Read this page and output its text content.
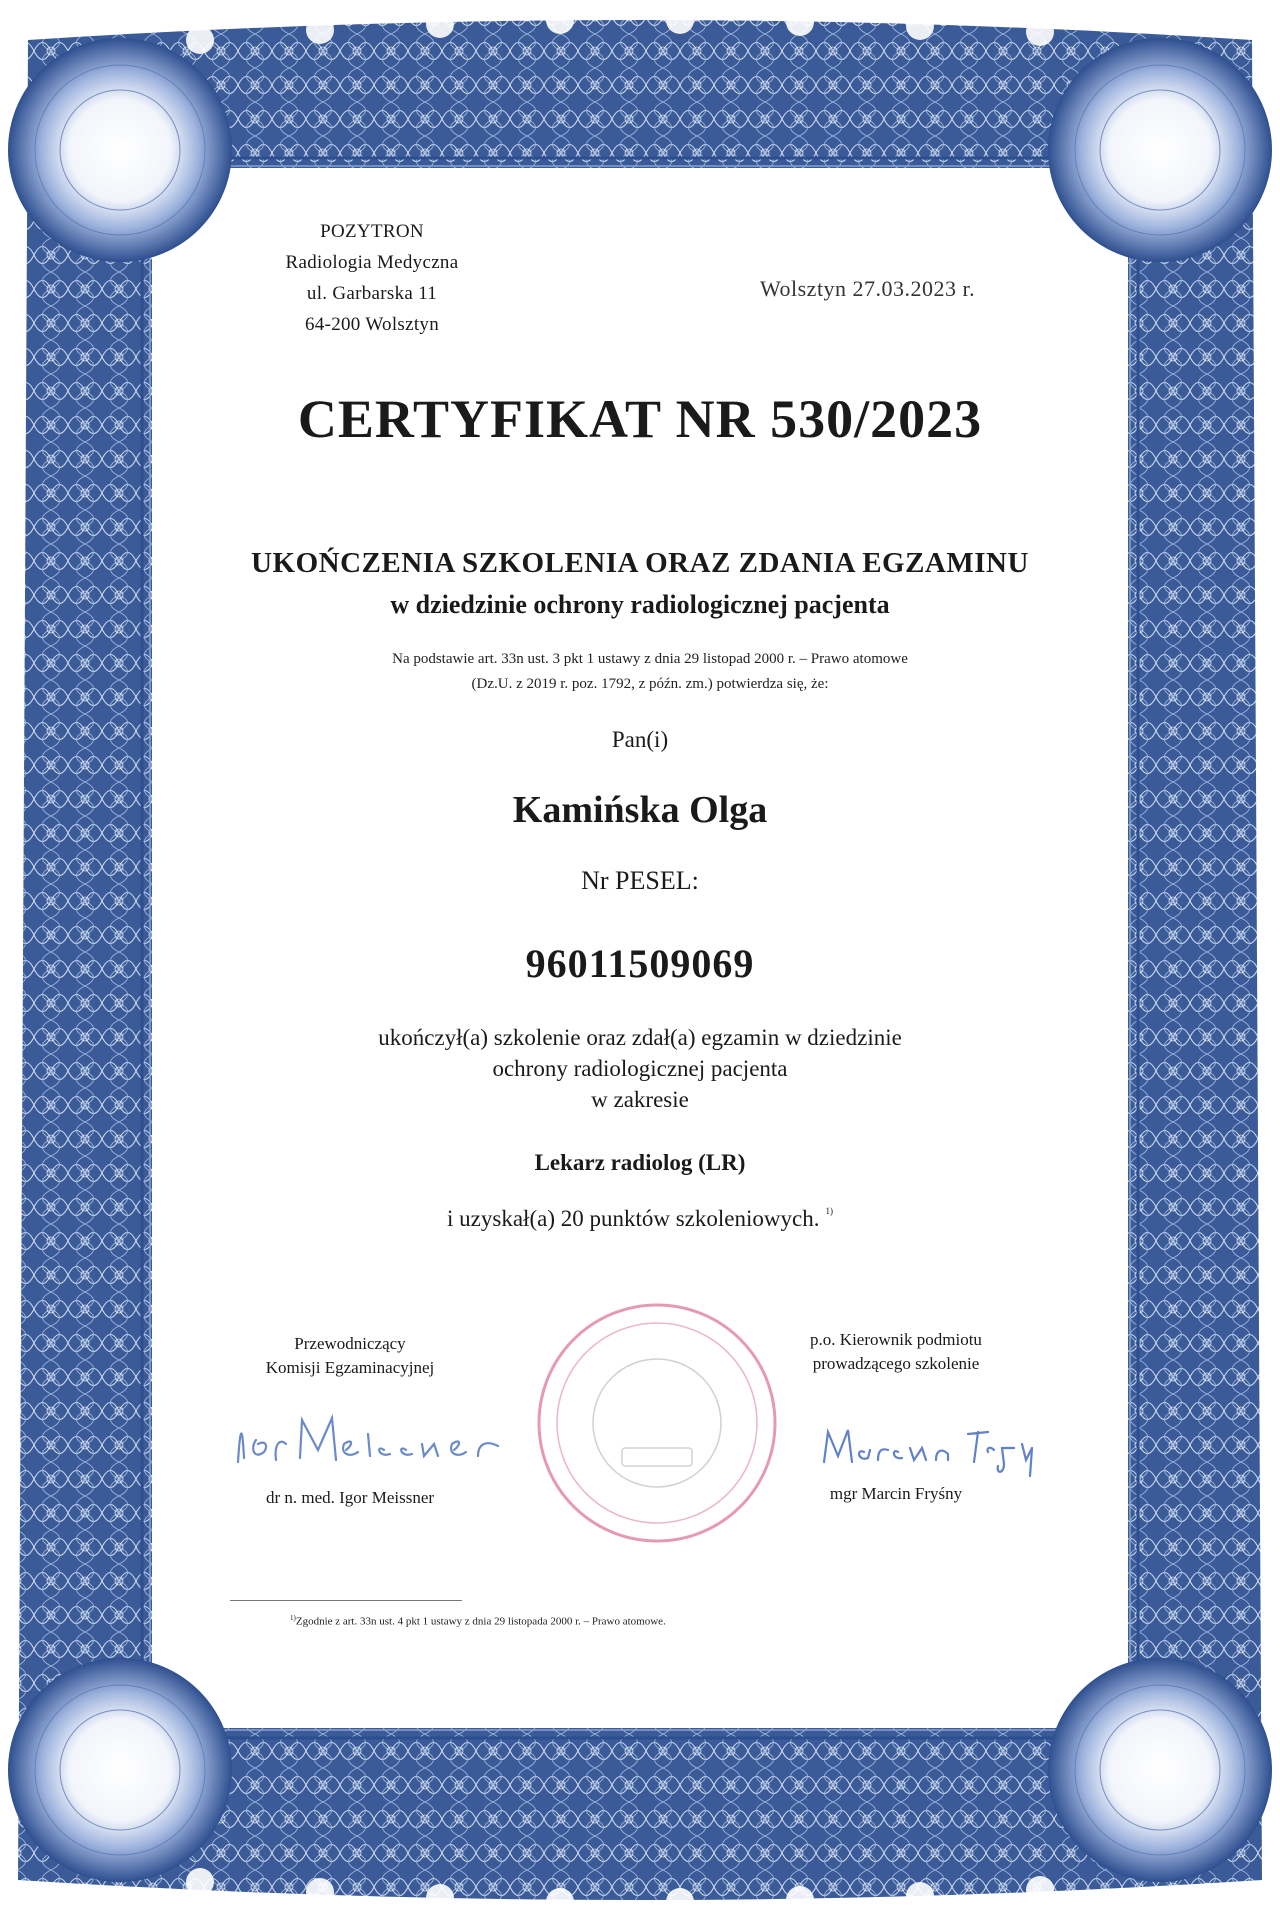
POZYTRON
Radiologia Medyczna
ul. Garbarska 11
64-200 Wolsztyn
Wolsztyn 27.03.2023 r.
CERTYFIKAT NR 530/2023
UKOŃCZENIA SZKOLENIA ORAZ ZDANIA EGZAMINU
w dziedzinie ochrony radiologicznej pacjenta
Na podstawie art. 33n ust. 3 pkt 1 ustawy z dnia 29 listopad 2000 r. – Prawo atomowe
(Dz.U. z 2019 r. poz. 1792, z późn. zm.) potwierdza się, że:
Pan(i)
Kamińska Olga
Nr PESEL:
96011509069
ukończył(a) szkolenie oraz zdał(a) egzamin w dziedzinie
ochrony radiologicznej pacjenta
w zakresie
Lekarz radiolog (LR)
i uzyskał(a) 20 punktów szkoleniowych. $^{1)}$
Przewodniczący
Komisji Egzaminacyjnej
dr n. med. Igor Meissner
p.o. Kierownik podmiotu
prowadzącego szkolenie
mgr Marcin Fryśny
$^{1)}$Zgodnie z art. 33n ust. 4 pkt 1 ustawy z dnia 29 listopada 2000 r. – Prawo atomowe.
